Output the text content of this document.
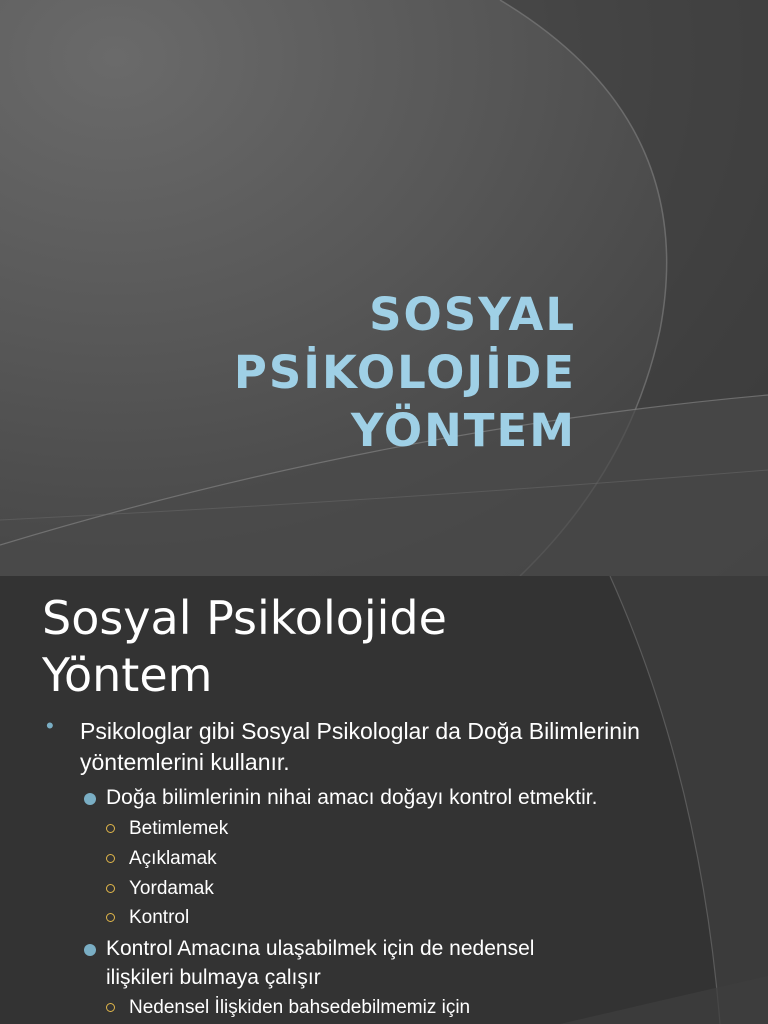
SOSYAL
PSİKOLOJİDE
YÖNTEM
Sosyal Psikolojide
Yöntem
• Psikologlar gibi Sosyal Psikologlar da Doğa Bilimlerinin yöntemlerini kullanır.
Doğa bilimlerinin nihai amacı doğayı kontrol etmektir.
Betimlemek
Açıklamak
Yordamak
Kontrol
Kontrol Amacına ulaşabilmek için de nedensel ilişkileri bulmaya çalışır
Nedensel İlişkiden bahsedebilmemiz için
